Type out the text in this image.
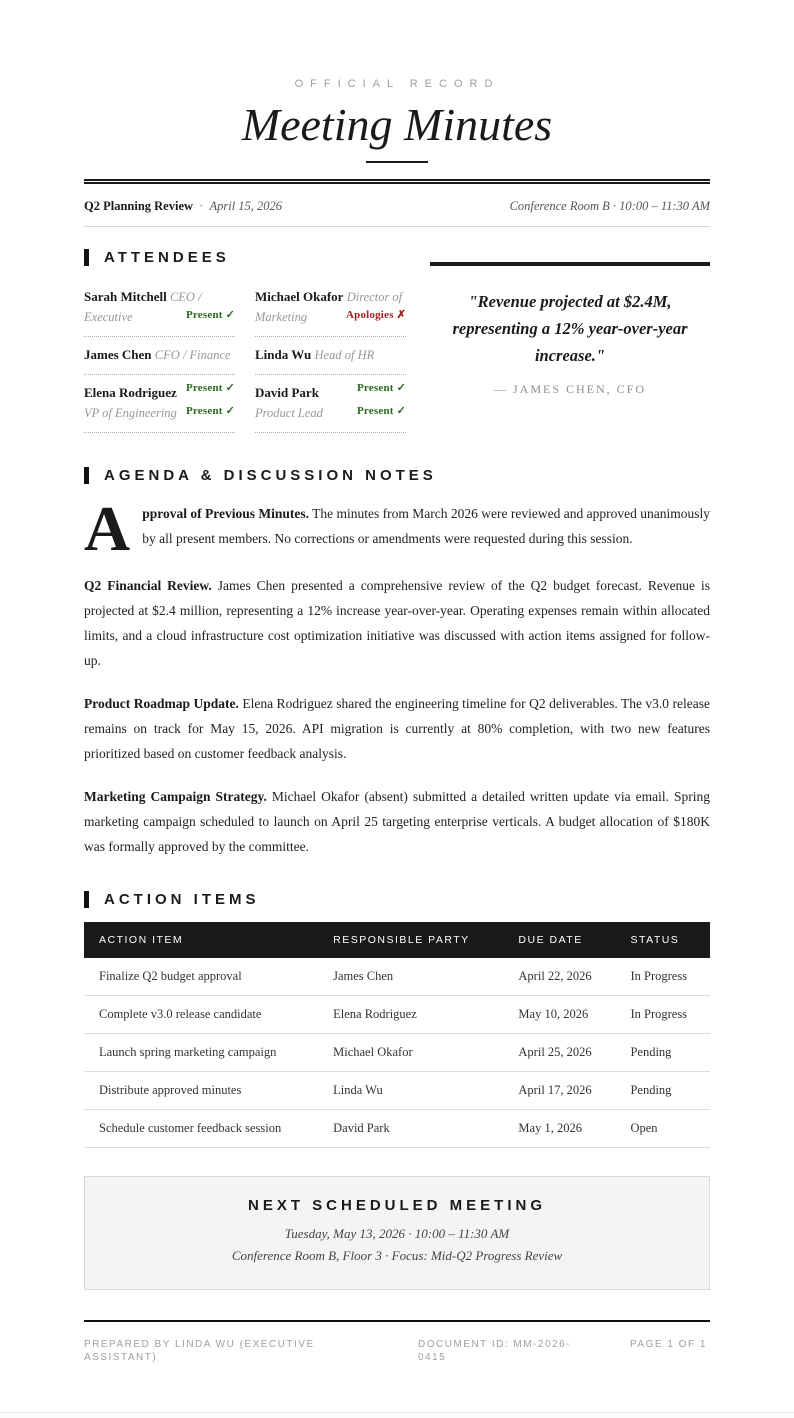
OFFICIAL RECORD
Meeting Minutes
Q2 Planning Review · April 15, 2026	Conference Room B · 10:00 – 11:30 AM
ATTENDEES
Sarah Mitchell CEO / Executive	Present ✓
Michael Okafor Director of Marketing	Apologies ✗
James Chen CFO / Finance
Present ✓
Linda Wu Head of HR
Present ✓
Elena Rodriguez
VP of Engineering Present ✓
David Park
Product Lead	Present ✓

"Revenue projected at $2.4M, representing a 12% year-over-year increase."

— JAMES CHEN, CFO
AGENDA & DISCUSSION NOTES
A pproval of Previous Minutes. The minutes from March 2026 were reviewed and approved unanimously by all present members. No corrections or amendments were requested during this session.

Q2 Financial Review. James Chen presented a comprehensive review of the Q2 budget forecast. Revenue is projected at $2.4 million, representing a 12% increase year-over-year. Operating expenses remain within allocated limits, and a cloud infrastructure cost optimization initiative was discussed with action items assigned for follow-up.

Product Roadmap Update. Elena Rodriguez shared the engineering timeline for Q2 deliverables. The v3.0 release remains on track for May 15, 2026. API migration is currently at 80% completion, with two new features prioritized based on customer feedback analysis.

Marketing Campaign Strategy. Michael Okafor (absent) submitted a detailed written update via email. Spring marketing campaign scheduled to launch on April 25 targeting enterprise verticals. A budget allocation of $180K was formally approved by the committee.

ACTION ITEMS
ACTION ITEM	RESPONSIBLE PARTY	DUE DATE	STATUS
Finalize Q2 budget approval	James Chen	April 22, 2026	In Progress
Complete v3.0 release candidate	Elena Rodriguez	May 10, 2026	In Progress
Launch spring marketing campaign	Michael Okafor	April 25, 2026	Pending
Distribute approved minutes	Linda Wu	April 17, 2026	Pending
Schedule customer feedback session	David Park	May 1, 2026	Open
NEXT SCHEDULED MEETING
Tuesday, May 13, 2026 · 10:00 – 11:30 AM
Conference Room B, Floor 3 · Focus: Mid-Q2 Progress Review
PREPARED BY LINDA WU (EXECUTIVE ASSISTANT)
DOCUMENT ID: MM-2026-0415
PAGE 1 OF 1
